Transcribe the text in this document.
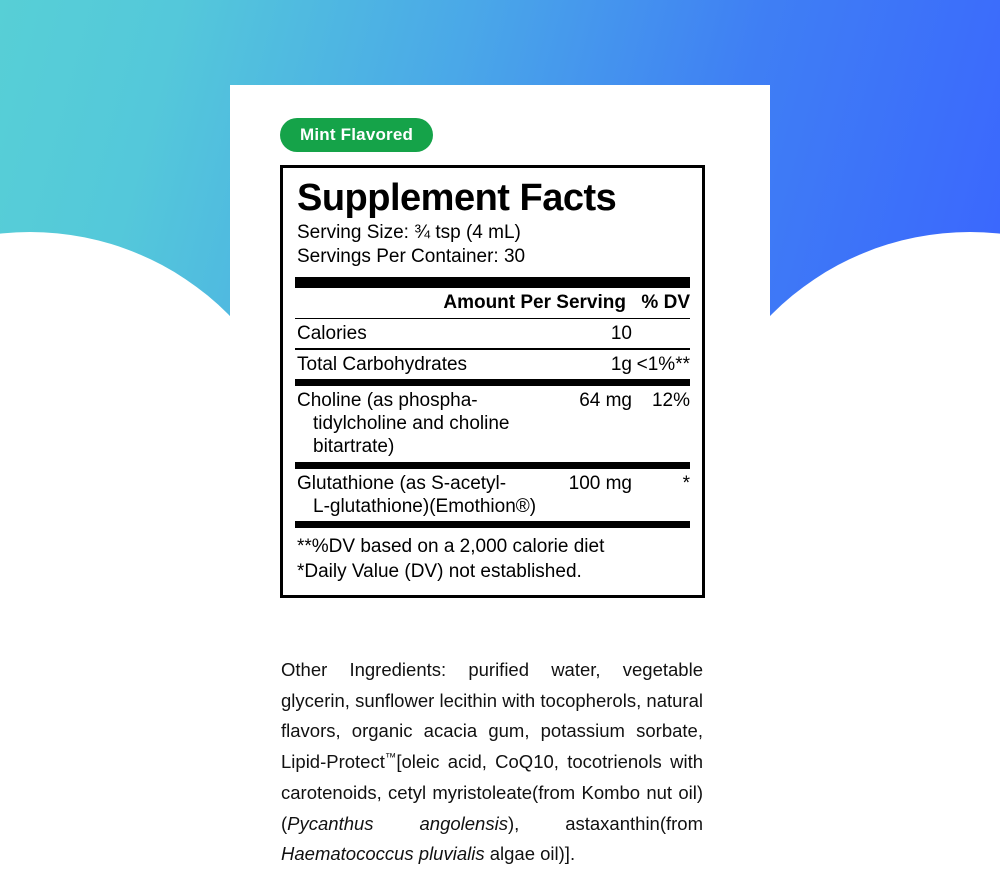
Mint Flavored
Supplement Facts
Serving Size: ¾ tsp (4 mL)
Servings Per Container: 30
Amount Per Serving % DV
Calories	10
Total Carbohydrates	1g <1%**
Choline (as phospha-
tidylcholine and choline bitartrate)
64 mg	12%
Glutathione (as S-acetyl-
L-glutathione)(Emothion®)
100 mg	*
**%DV based on a 2,000 calorie diet
*Daily Value (DV) not established.
Other Ingredients: purified water, vegetable glycerin, sunflower lecithin with tocopherols, natural flavors, organic acacia gum, potassium sorbate, Lipid-Protect™[oleic acid, CoQ10, tocotrienols with carotenoids, cetyl myristoleate(from Kombo nut oil)(Pycanthus angolensis), astaxanthin(from Haematococcus pluvialis algae oil)].
